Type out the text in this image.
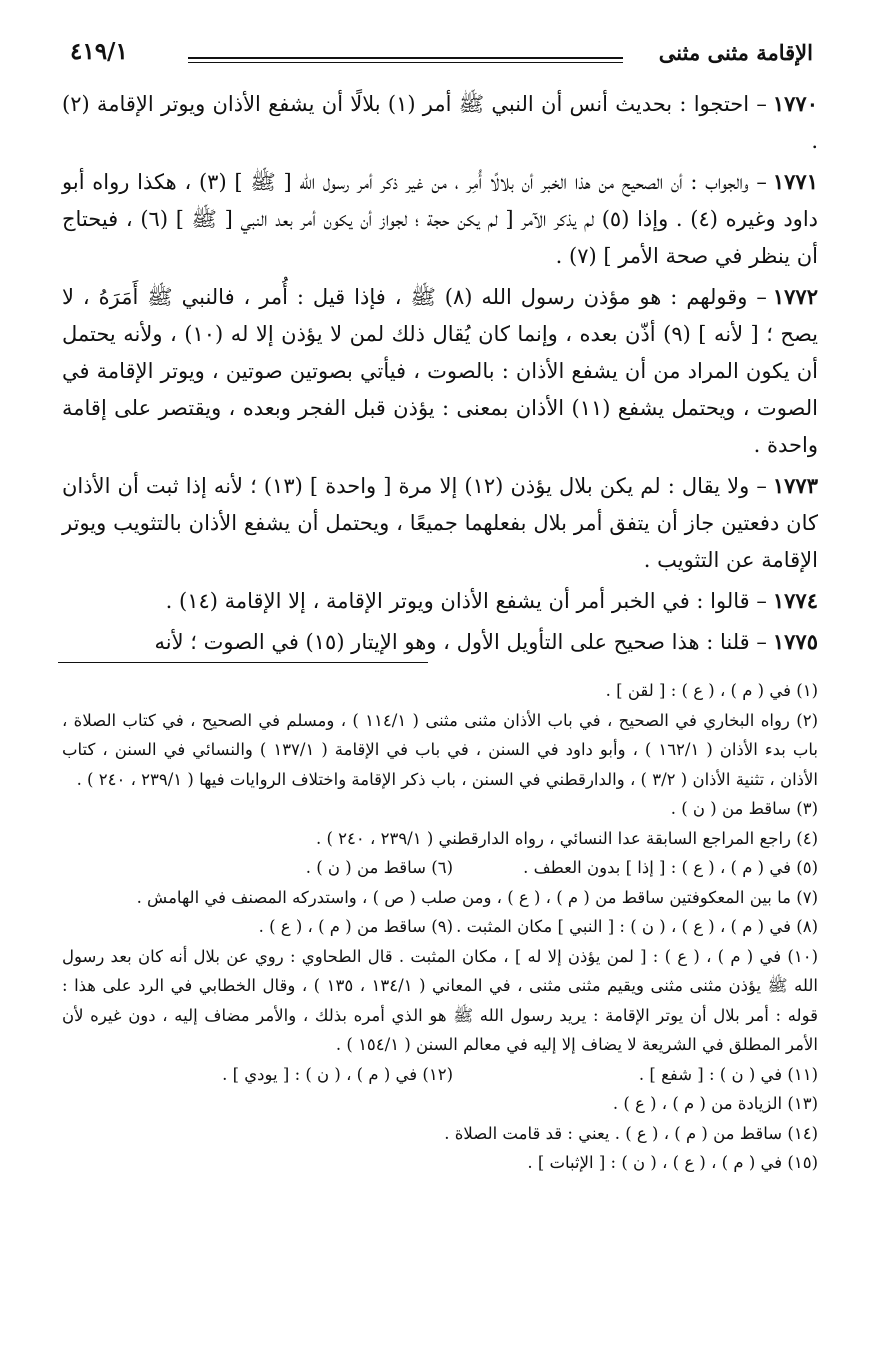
الإقامة مثنى مثنى
٤١٩/١

١٧٧٠– احتجوا : بحديث أنس أن النبي ﷺ أمر (١) بلالًا أن يشفع الأذان ويوتر الإقامة (٢) .

١٧٧١– والجواب : أن الصحيح من هذا الخبر أن بلالًا أُمِر ، من غير ذكر أمر رسول الله [ ﷺ ] (٣) ، هكذا رواه أبو داود وغيره (٤) . وإذا (٥) لم يذكر الآمر [ لم يكن حجة ؛ لجواز أن يكون أمر بعد النبي [ ﷺ ] (٦) ، فيحتاج أن ينظر في صحة الأمر ] (٧) .

١٧٧٢– وقولهم : هو مؤذن رسول الله (٨) ﷺ ، فإذا قيل : أُمر ، فالنبي ﷺ أَمَرَهُ ، لا يصح ؛ [ لأنه ] (٩) أذّن بعده ، وإنما كان يُقال ذلك لمن لا يؤذن إلا له (١٠) ، ولأنه يحتمل أن يكون المراد من أن يشفع الأذان : بالصوت ، فيأتي بصوتين صوتين ، ويوتر الإقامة في الصوت ، ويحتمل يشفع (١١) الأذان بمعنى : يؤذن قبل الفجر وبعده ، ويقتصر على إقامة واحدة .

١٧٧٣– ولا يقال : لم يكن بلال يؤذن (١٢) إلا مرة [ واحدة ] (١٣) ؛ لأنه إذا ثبت أن الأذان كان دفعتين جاز أن يتفق أمر بلال بفعلهما جميعًا ، ويحتمل أن يشفع الأذان بالتثويب ويوتر الإقامة عن التثويب .

١٧٧٤– قالوا : في الخبر أمر أن يشفع الأذان ويوتر الإقامة ، إلا الإقامة (١٤) .

١٧٧٥– قلنا : هذا صحيح على التأويل الأول ، وهو الإيتار (١٥) في الصوت ؛ لأنه

(١) في ( م ) ، ( ع ) : [ لقن ] .

(٢) رواه البخاري في الصحيح ، في باب الأذان مثنى مثنى ( ١١٤/١ ) ، ومسلم في الصحيح ، في كتاب الصلاة ، باب بدء الأذان ( ١٦٢/١ ) ، وأبو داود في السنن ، في باب في الإقامة ( ١٣٧/١ ) والنسائي في السنن ، كتاب الأذان ، تثنية الأذان ( ٣/٢ ) ، والدارقطني في السنن ، باب ذكر الإقامة واختلاف الروايات فيها ( ٢٣٩/١ ، ٢٤٠ ) .

(٣) ساقط من ( ن ) .

(٤) راجع المراجع السابقة عدا النسائي ، رواه الدارقطني ( ٢٣٩/١ ، ٢٤٠ ) .

(٥) في ( م ) ، ( ع ) : [ إذا ] بدون العطف .
(٦) ساقط من ( ن ) .

(٧) ما بين المعكوفتين ساقط من ( م ) ، ( ع ) ، ومن صلب ( ص ) ، واستدركه المصنف في الهامش .

(٨) في ( م ) ، ( ع ) ، ( ن ) : [ النبي ] مكان المثبت .
(٩) ساقط من ( م ) ، ( ع ) .

(١٠) في ( م ) ، ( ع ) : [ لمن يؤذن إلا له ] ، مكان المثبت . قال الطحاوي : روي عن بلال أنه كان بعد رسول الله ﷺ يؤذن مثنى مثنى ويقيم مثنى مثنى ، في المعاني ( ١٣٤/١ ، ١٣٥ ) ، وقال الخطابي في الرد على هذا : قوله : أمر بلال أن يوتر الإقامة : يريد رسول الله ﷺ هو الذي أمره بذلك ، والأمر مضاف إليه ، دون غيره لأن الأمر المطلق في الشريعة لا يضاف إلا إليه في معالم السنن ( ١٥٤/١ ) .

(١١) في ( ن ) : [ شفع ] .
(١٢) في ( م ) ، ( ن ) : [ يودي ] .

(١٣) الزيادة من ( م ) ، ( ع ) .

(١٤) ساقط من ( م ) ، ( ع ) . يعني : قد قامت الصلاة .

(١٥) في ( م ) ، ( ع ) ، ( ن ) : [ الإثبات ] .
